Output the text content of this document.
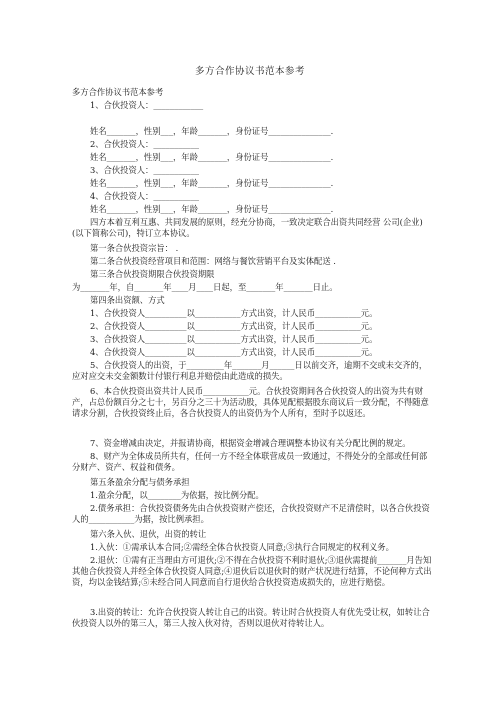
多方合作协议书范本参考
多方合作协议书范本参考
1、合伙投资人：____________
姓名_______，性别___，年龄_______，身份证号_______________.
2、合伙投资人：___________
姓名_______，性别___，年龄_______，身份证号_______________.
3、合伙投资人：___________
姓名_______，性别___，年龄_______，身份证号_______________.
4、合伙投资人：___________
姓名_______，性别___，年龄_______，身份证号_______________.
四方本着互利互惠、共同发展的原则，经充分协商，一致决定联合出资共同经营 公司(企业)(以下简称公司)，特订立本协议。
第一条合伙投资宗旨： .
第二条合伙投资经营项目和范围：网络与餐饮营销平台及实体配送 .
第三条合伙投资期限合伙投资期限
为_______年，自_______年____月____日起，至_______年_______日止。
第四条出资额、方式
1、合伙投资人__________以___________方式出资，计人民币___________元。
2、合伙投资人__________以___________方式出资，计人民币___________元。
3、合伙投资人__________以___________方式出资，计人民币___________元。
4、合伙投资人__________以___________方式出资，计人民币___________元。
5、合伙投资人的出资，于_________年_______月______日以前交齐，逾期不交或未交齐的，应对应交未交金额数计付银行利息并赔偿由此造成的损失。
6、本合伙投资出资共计人民币___________元。合伙投资期间各合伙投资人的出资为共有财产，占总份额百分之七十，另百分之三十为活动股，具体见配根据股东商议后一致分配，不得随意请求分割，合伙投资终止后，各合伙投资人的出资仍为个人所有，至时予以返还。
7、资金增减由决定，并报请协商，根据资金增减合理调整本协议有关分配比例的规定。
8、财产为全体成员所共有，任何一方不经全体联营成员一致通过，不得处分的全部或任何部分财产、资产、权益和债务。
第五条盈余分配与债务承担
1.盈余分配，以________为依据，按比例分配。
2.债务承担：合伙投资债务先由合伙投资财产偿还，合伙投资财产不足清偿时，以各合伙投资人的___________为据，按比例承担。
第六条入伙、退伙，出资的转让
1.入伙：①需承认本合同;②需经全体合伙投资人同意;③执行合同规定的权利义务。
2.退伙：①需有正当理由方可退伙;②不得在合伙投资不利时退伙;③退伙需提前_______月告知其他合伙投资人并经全体合伙投资人同意;④退伙后以退伙时的财产状况进行结算，不论何种方式出资，均以金钱结算;⑤未经合同人同意而自行退伙给合伙投资造成损失的，应进行赔偿。
3.出资的转让：允许合伙投资人转让自己的出资。转让时合伙投资人有优先受让权，如转让合伙投资人以外的第三人，第三人按入伙对待，否则以退伙对待转让人。
